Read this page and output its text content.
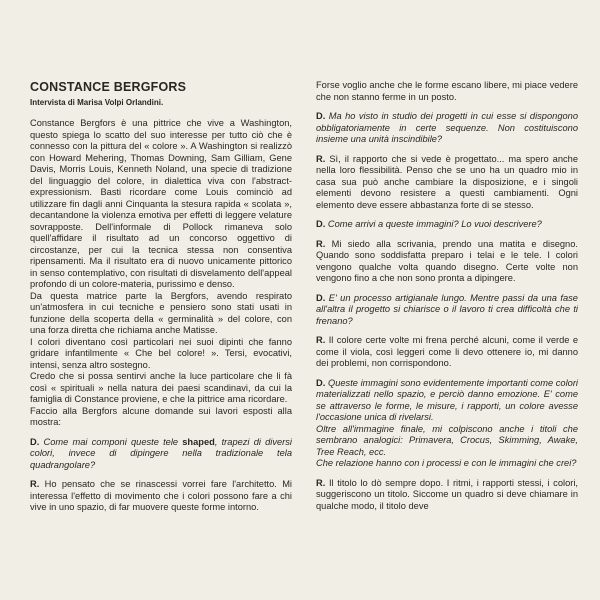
CONSTANCE BERGFORS
Intervista di Marisa Volpi Orlandini.

Constance Bergfors è una pittrice che vive a Washington, questo spiega lo scatto del suo interesse per tutto ciò che è connesso con la pittura del « colore ». A Washington si realizzò con Howard Mehering, Thomas Downing, Sam Gilliam, Gene Davis, Morris Louis, Kenneth Noland, una specie di tradizione del linguaggio del colore, in dialettica viva con l'abstract-expressionism. Basti ricordare come Louis cominciò ad utilizzare fin dagli anni Cinquanta la stesura rapida « scolata », decantandone la violenza emotiva per effetti di leggere velature sovrapposte. Dell'informale di Pollock rimaneva solo quell'affidare il risultato ad un concorso oggettivo di circostanze, per cui la tecnica stessa non consentiva ripensamenti. Ma il risultato era di nuovo unicamente pittorico in senso contemplativo, con risultati di disvelamento dell'appeal profondo di un colore-materia, purissimo e denso.

Da questa matrice parte la Bergfors, avendo respirato un'atmosfera in cui tecniche e pensiero sono stati usati in funzione della scoperta della « germinalità » del colore, con una forza diretta che richiama anche Matisse.

I colori diventano così particolari nei suoi dipinti che fanno gridare infantilmente « Che bel colore! ». Tersi, evocativi, intensi, senza altro sostegno.

Credo che si possa sentirvi anche la luce particolare che li fà così « spirituali » nella natura dei paesi scandinavi, da cui la famiglia di Constance proviene, e che la pittrice ama ricordare.

Faccio alla Bergfors alcune domande sui lavori esposti alla mostra:

D. Come mai componi queste tele shaped, trapezi di diversi colori, invece di dipingere nella tradizionale tela quadrangolare?

R. Ho pensato che se rinascessi vorrei fare l'architetto. Mi interessa l'effetto di movimento che i colori possono fare a chi vive in uno spazio, di far muovere queste forme intorno.

Forse voglio anche che le forme escano libere, mi piace vedere che non stanno ferme in un posto.

D. Ma ho visto in studio dei progetti in cui esse si dispongono obbligatoriamente in certe sequenze. Non costituiscono insieme una unità inscindibile?

R. Sì, il rapporto che si vede è progettato... ma spero anche nella loro flessibilità. Penso che se uno ha un quadro mio in casa sua può anche cambiare la disposizione, e i singoli elementi devono resistere a questi cambiamenti. Ogni elemento deve essere abbastanza forte di se stesso.

D. Come arrivi a queste immagini? Lo vuoi descrivere?

R. Mi siedo alla scrivania, prendo una matita e disegno. Quando sono soddisfatta preparo i telai e le tele. I colori vengono qualche volta quando disegno. Certe volte non vengono fino a che non sono pronta a dipingere.

D. E' un processo artigianale lungo. Mentre passi da una fase all'altra il progetto si chiarisce o il lavoro ti crea difficoltà che ti frenano?

R. Il colore certe volte mi frena perché alcuni, come il verde e come il viola, così leggeri come li devo ottenere io, mi danno dei problemi, non corrispondono.

D. Queste immagini sono evidentemente importanti come colori materializzati nello spazio, e perciò danno emozione. E' come se attraverso le forme, le misure, i rapporti, un colore avesse l'occasione unica di rivelarsi.
Oltre all'immagine finale, mi colpiscono anche i titoli che sembrano analogici: Primavera, Crocus, Skimming, Awake, Tree Reach, ecc.
Che relazione hanno con i processi e con le immagini che crei?

R. Il titolo lo dò sempre dopo. I ritmi, i rapporti stessi, i colori, suggeriscono un titolo. Siccome un quadro si deve chiamare in qualche modo, il titolo deve
